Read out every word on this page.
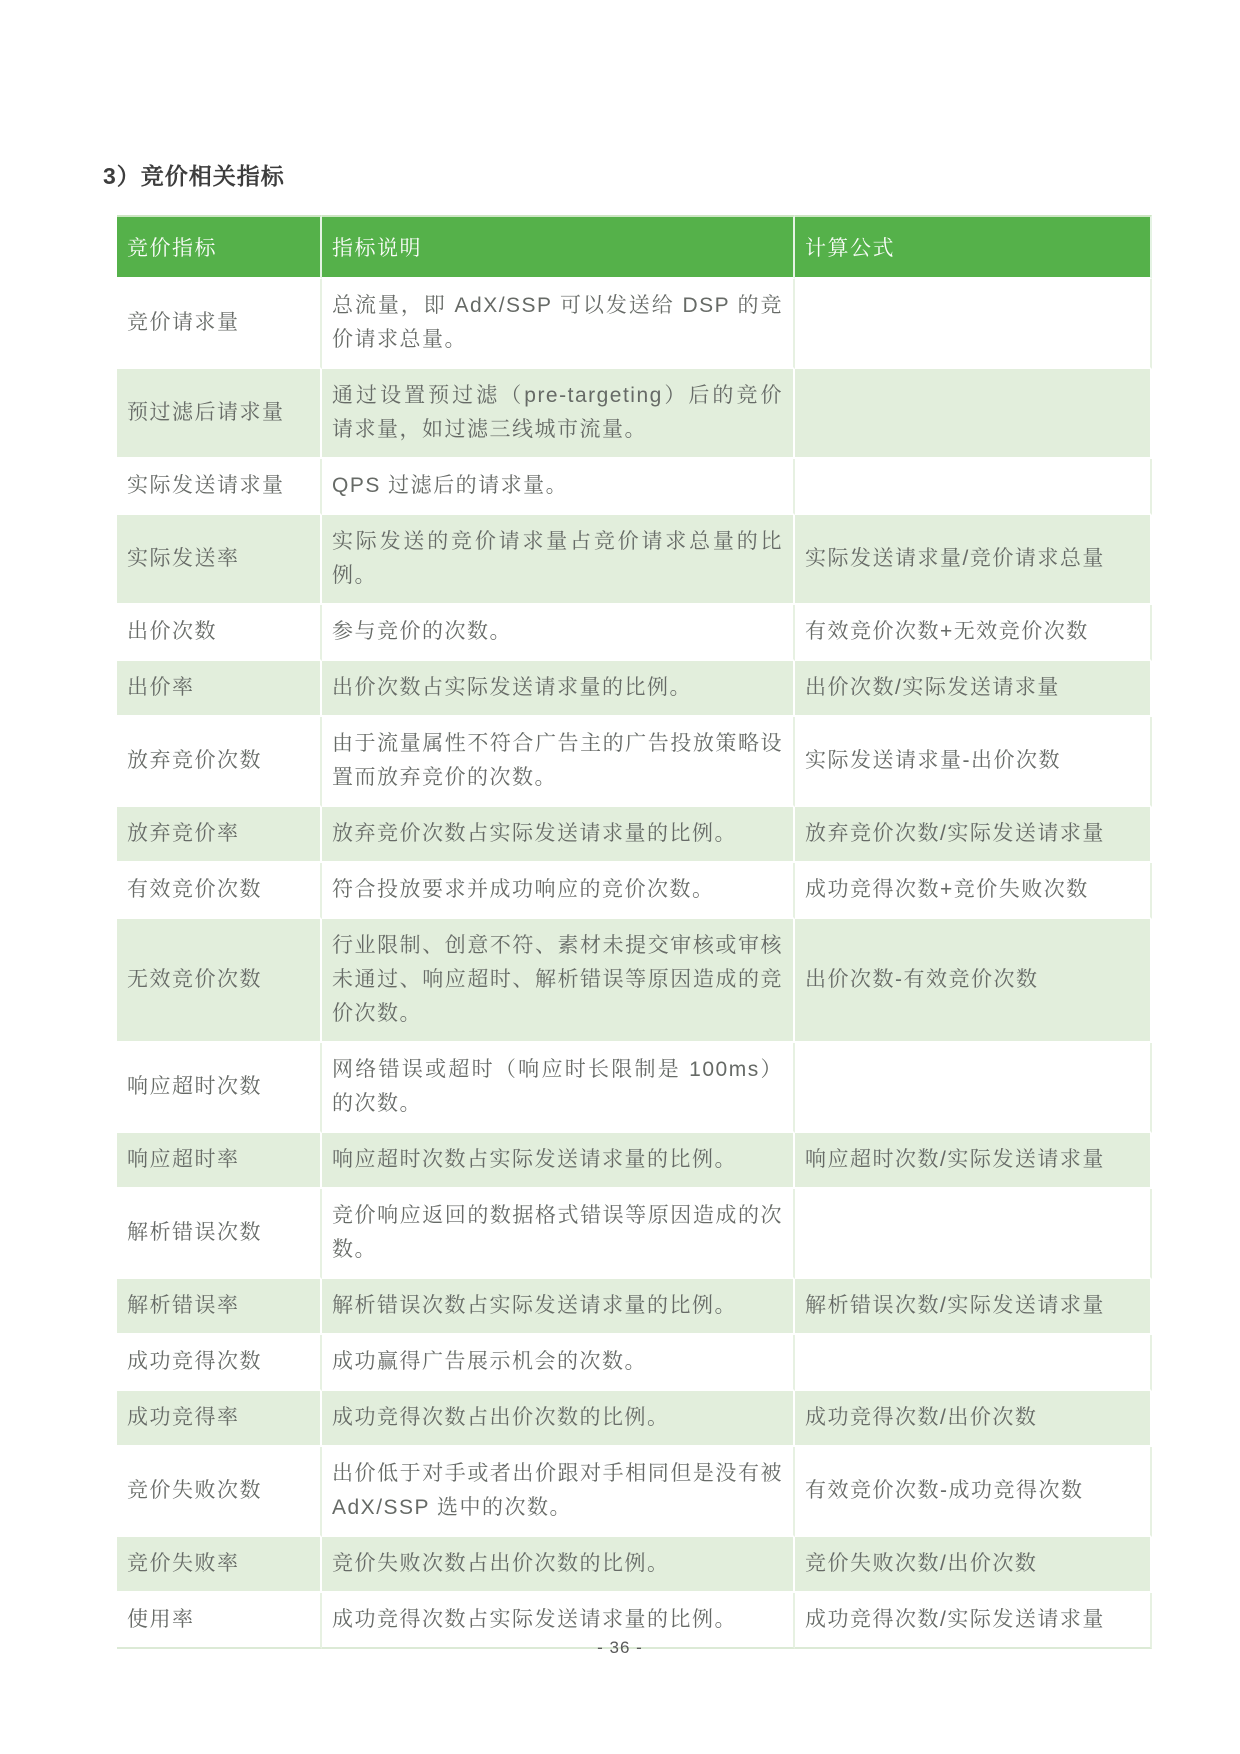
3）竞价相关指标
竞价指标	指标说明	计算公式
竞价请求量	总流量，即 AdX/SSP 可以发送给 DSP 的竞价请求总量。	
预过滤后请求量	通过设置预过滤（pre-targeting）后的竞价请求量，如过滤三线城市流量。	
实际发送请求量	QPS 过滤后的请求量。	
实际发送率	实际发送的竞价请求量占竞价请求总量的比例。	实际发送请求量/竞价请求总量
出价次数	参与竞价的次数。	有效竞价次数+无效竞价次数
出价率	出价次数占实际发送请求量的比例。	出价次数/实际发送请求量
放弃竞价次数	由于流量属性不符合广告主的广告投放策略设置而放弃竞价的次数。	实际发送请求量-出价次数
放弃竞价率	放弃竞价次数占实际发送请求量的比例。	放弃竞价次数/实际发送请求量
有效竞价次数	符合投放要求并成功响应的竞价次数。	成功竞得次数+竞价失败次数
无效竞价次数	行业限制、创意不符、素材未提交审核或审核未通过、响应超时、解析错误等原因造成的竞价次数。	出价次数-有效竞价次数
响应超时次数	网络错误或超时（响应时长限制是 100ms）的次数。	
响应超时率	响应超时次数占实际发送请求量的比例。	响应超时次数/实际发送请求量
解析错误次数	竞价响应返回的数据格式错误等原因造成的次数。	
解析错误率	解析错误次数占实际发送请求量的比例。	解析错误次数/实际发送请求量
成功竞得次数	成功赢得广告展示机会的次数。	
成功竞得率	成功竞得次数占出价次数的比例。	成功竞得次数/出价次数
竞价失败次数	出价低于对手或者出价跟对手相同但是没有被 AdX/SSP 选中的次数。	有效竞价次数-成功竞得次数
竞价失败率	竞价失败次数占出价次数的比例。	竞价失败次数/出价次数
使用率	成功竞得次数占实际发送请求量的比例。	成功竞得次数/实际发送请求量
- 36 -
